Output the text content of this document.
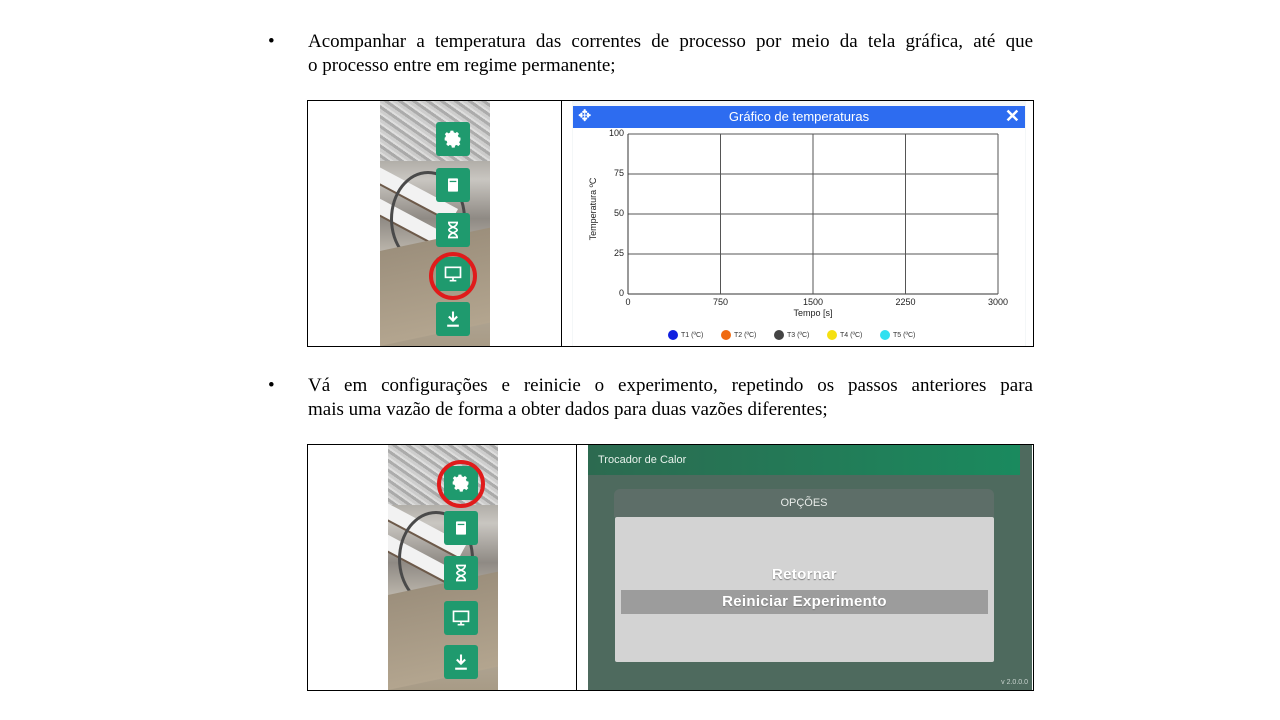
• Acompanhar a temperatura das correntes de processo por meio da tela gráfica, até que
o processo entre em regime permanente;
✥	Gráfico de temperaturas	✕
Temperatura ºC
Tempo [s]
T1 (ºC)	T2 (ºC)	T3 (ºC)	T4 (ºC)	T5 (ºC)
0
25
50
75
100
0	750	1500	2250	3000
• Vá em configurações e reinicie o experimento, repetindo os passos anteriores para
mais uma vazão de forma a obter dados para duas vazões diferentes;
Trocador de Calor
OPÇÕES
Retornar
Reiniciar Experimento
v 2.0.0.0
